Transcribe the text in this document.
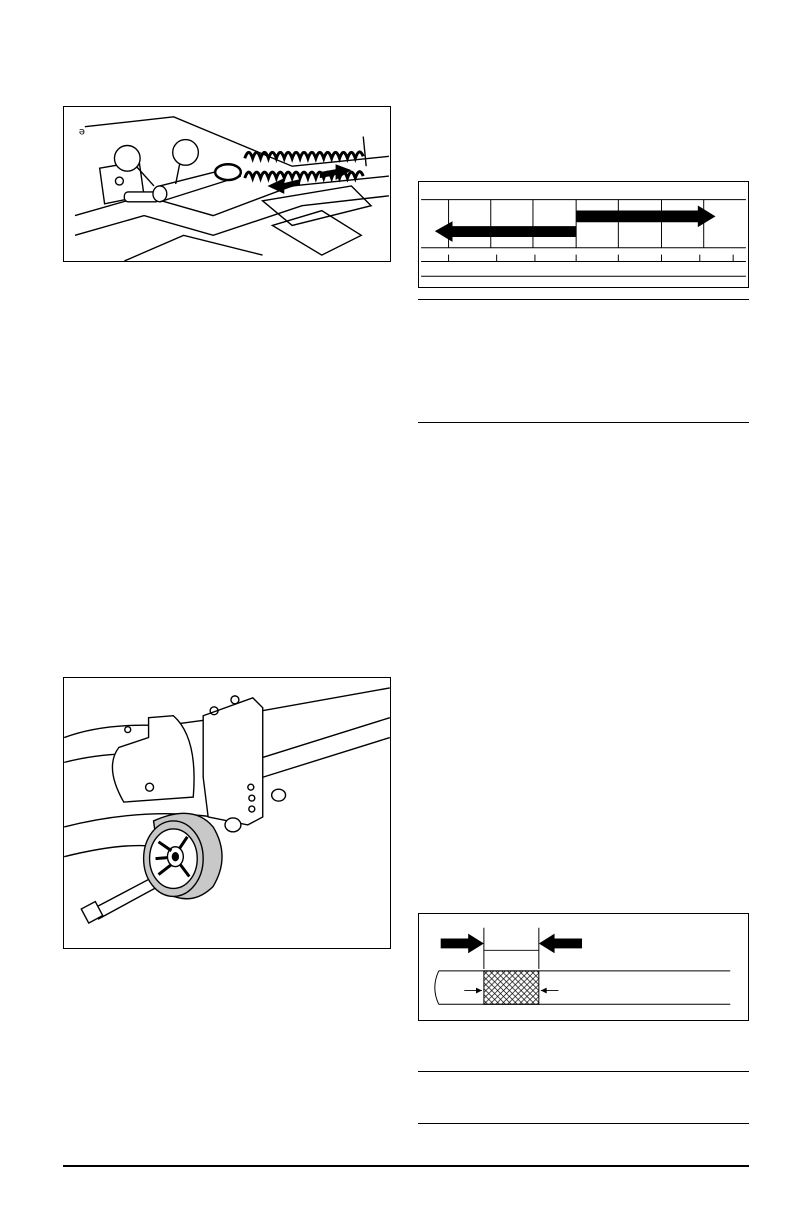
ə
